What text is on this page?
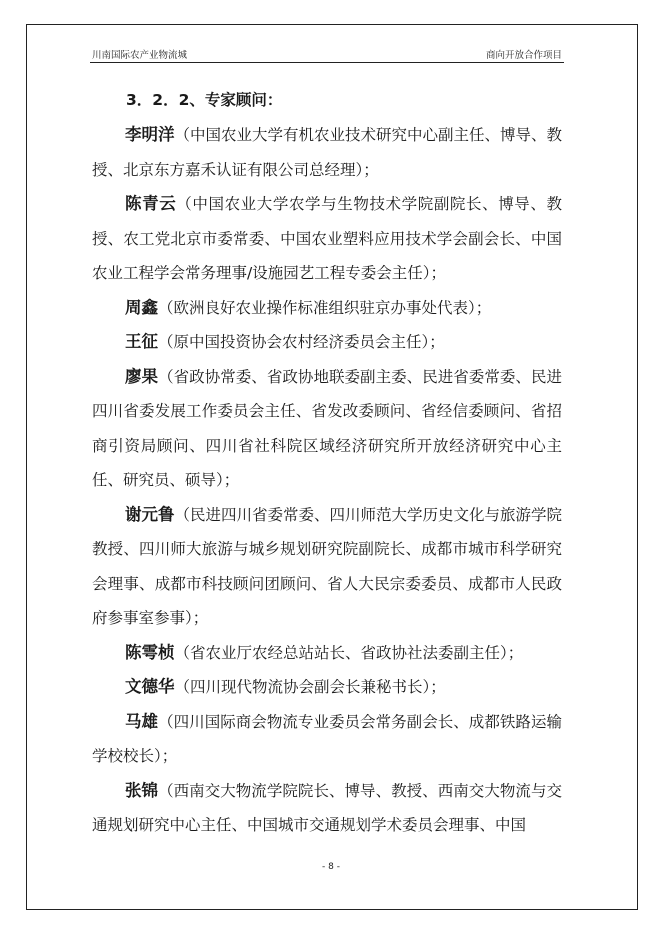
川南国际农产业物流城	商向开放合作项目

3．2．2、专家顾问：

李明洋（中国农业大学有机农业技术研究中心副主任、博导、教授、北京东方嘉禾认证有限公司总经理）；

陈青云（中国农业大学农学与生物技术学院副院长、博导、教授、农工党北京市委常委、中国农业塑料应用技术学会副会长、中国农业工程学会常务理事/设施园艺工程专委会主任）；

周鑫（欧洲良好农业操作标准组织驻京办事处代表）；

王征（原中国投资协会农村经济委员会主任）；

廖果（省政协常委、省政协地联委副主委、民进省委常委、民进四川省委发展工作委员会主任、省发改委顾问、省经信委顾问、省招商引资局顾问、四川省社科院区域经济研究所开放经济研究中心主任、研究员、硕导）；

谢元鲁（民进四川省委常委、四川师范大学历史文化与旅游学院教授、四川师大旅游与城乡规划研究院副院长、成都市城市科学研究会理事、成都市科技顾问团顾问、省人大民宗委委员、成都市人民政府参事室参事）；

陈雩桢（省农业厅农经总站站长、省政协社法委副主任）；

文德华（四川现代物流协会副会长兼秘书长）；

马雄（四川国际商会物流专业委员会常务副会长、成都铁路运输学校校长）；

张锦（西南交大物流学院院长、博导、教授、西南交大物流与交通规划研究中心主任、中国城市交通规划学术委员会理事、中国

- 8 -
